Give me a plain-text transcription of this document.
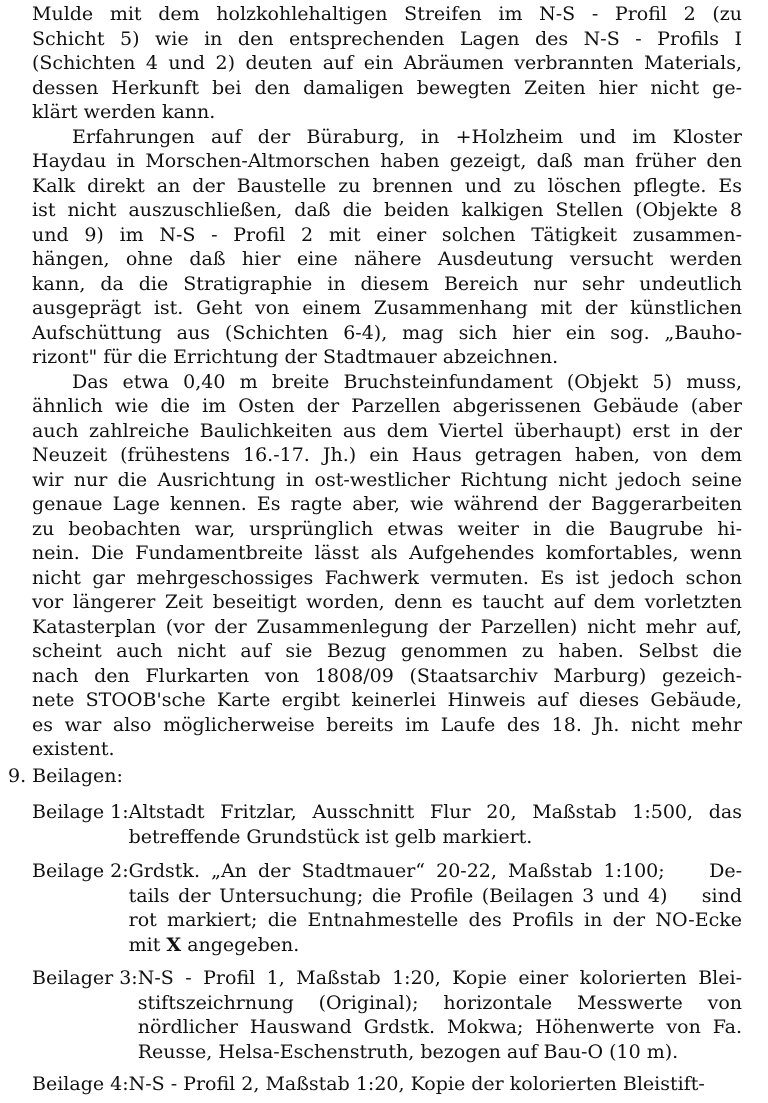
Mulde mit dem holzkohlehaltigen Streifen im N-S - Profil 2 (zu
Schicht 5) wie in den entsprechenden Lagen des N-S - Profils I
(Schichten 4 und 2) deuten auf ein Abräumen verbrannten Materials,
dessen Herkunft bei den damaligen bewegten Zeiten hier nicht ge-
klärt werden kann.
Erfahrungen auf der Büraburg, in +Holzheim und im Kloster
Haydau in Morschen-Altmorschen haben gezeigt, daß man früher den
Kalk direkt an der Baustelle zu brennen und zu löschen pflegte. Es
ist nicht auszuschließen, daß die beiden kalkigen Stellen (Objekte 8
und 9) im N-S - Profil 2 mit einer solchen Tätigkeit zusammen-
hängen, ohne daß hier eine nähere Ausdeutung versucht werden
kann, da die Stratigraphie in diesem Bereich nur sehr undeutlich
ausgeprägt ist. Geht von einem Zusammenhang mit der künstlichen
Aufschüttung aus (Schichten 6-4), mag sich hier ein sog. „Bauho-
rizont" für die Errichtung der Stadtmauer abzeichnen.
Das etwa 0,40 m breite Bruchsteinfundament (Objekt 5) muss,
ähnlich wie die im Osten der Parzellen abgerissenen Gebäude (aber
auch zahlreiche Baulichkeiten aus dem Viertel überhaupt) erst in der
Neuzeit (frühestens 16.-17. Jh.) ein Haus getragen haben, von dem
wir nur die Ausrichtung in ost-westlicher Richtung nicht jedoch seine
genaue Lage kennen. Es ragte aber, wie während der Baggerarbeiten
zu beobachten war, ursprünglich etwas weiter in die Baugrube hi-
nein. Die Fundamentbreite lässt als Aufgehendes komfortables, wenn
nicht gar mehrgeschossiges Fachwerk vermuten. Es ist jedoch schon
vor längerer Zeit beseitigt worden, denn es taucht auf dem vorletzten
Katasterplan (vor der Zusammenlegung der Parzellen) nicht mehr auf,
scheint auch nicht auf sie Bezug genommen zu haben. Selbst die
nach den Flurkarten von 1808/09 (Staatsarchiv Marburg) gezeich-
nete STOOB'sche Karte ergibt keinerlei Hinweis auf dieses Gebäude,
es war also möglicherweise bereits im Laufe des 18. Jh. nicht mehr
existent.
9. Beilagen:
Beilage 1: Altstadt Fritzlar, Ausschnitt Flur 20, Maßstab 1:500, das
betreffende Grundstück ist gelb markiert.
Beilage 2: Grdstk. „An der Stadtmauer“ 20-22, Maßstab 1:100;    De-
tails der Untersuchung; die Profile (Beilagen 3 und 4)    sind
rot markiert; die Entnahmestelle des Profils in der NO-Ecke
mit X angegeben.
Beilager 3: N-S - Profil 1, Maßstab 1:20, Kopie einer kolorierten Blei-
stiftszeichrnung (Original); horizontale Messwerte von
nördlicher Hauswand Grdstk. Mokwa; Höhenwerte von Fa.
Reusse, Helsa-Eschenstruth, bezogen auf Bau-O (10 m).
Beilage 4: N-S - Profil 2, Maßstab 1:20, Kopie der kolorierten Bleistift-
